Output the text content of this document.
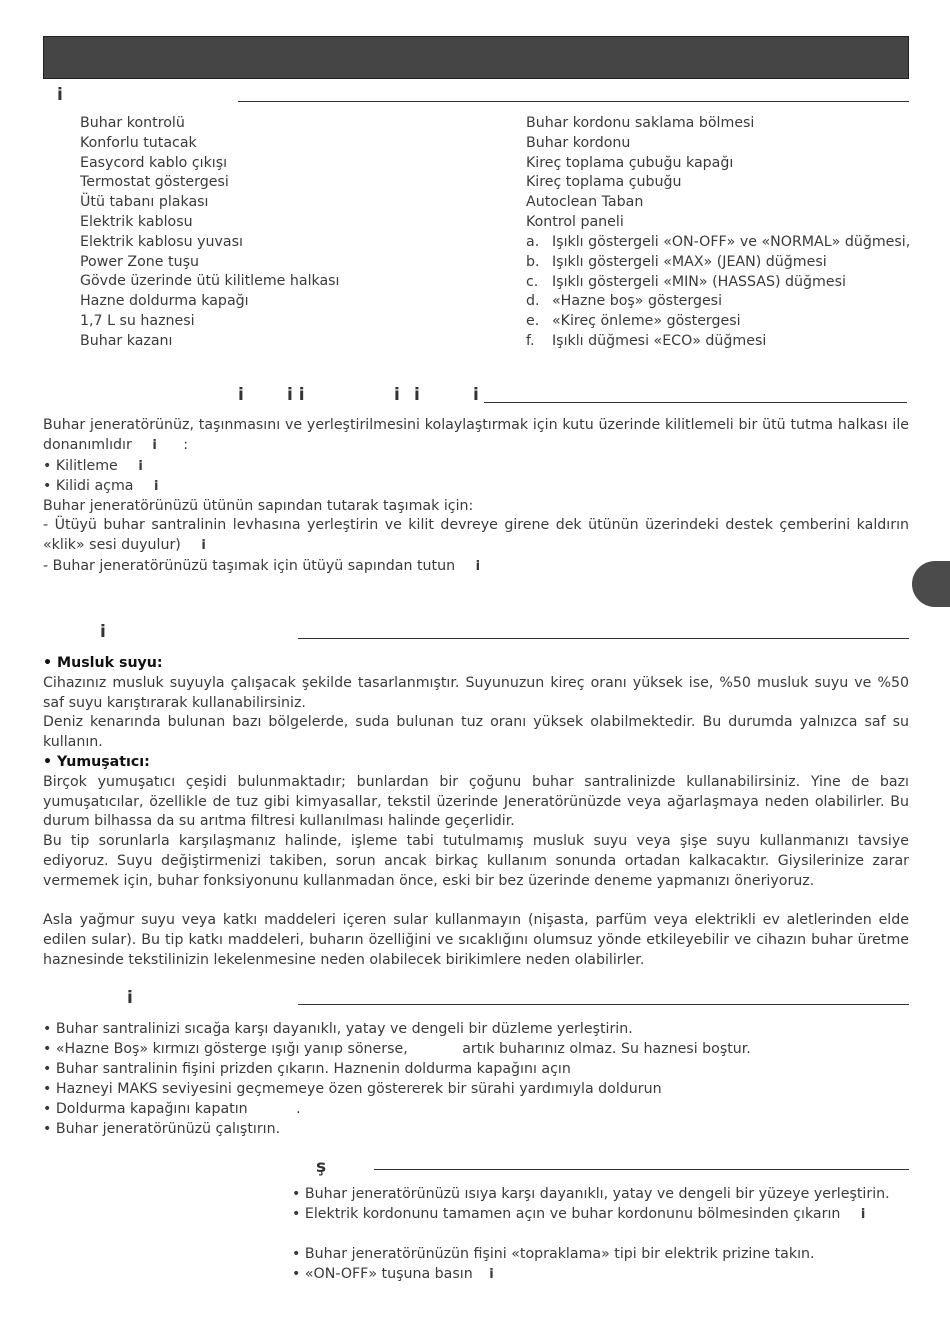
i
Buhar kontrolü
Konforlu tutacak
Easycord kablo çıkışı
Termostat göstergesi
Ütü tabanı plakası
Elektrik kablosu
Elektrik kablosu yuvası
Power Zone tuşu
Gövde üzerinde ütü kilitleme halkası
Hazne doldurma kapağı
1,7 L su haznesi
Buhar kazanı
Buhar kordonu saklama bölmesi
Buhar kordonu
Kireç toplama çubuğu kapağı
Kireç toplama çubuğu
Autoclean Taban
Kontrol paneli
a. Işıklı göstergeli «ON-OFF» ve «NORMAL» düğmesi,
b. Işıklı göstergeli «MAX» (JEAN) düğmesi
c. Işıklı göstergeli «MIN» (HASSAS) düğmesi
d. «Hazne boş» göstergesi
e. «Kireç önleme» göstergesi
f. Işıklı düğmesi «ECO» düğmesi
i	i i	i i	i
Buhar jeneratörünüz, taşınmasını ve yerleştirilmesini kolaylaştırmak için kutu üzerinde kilitlemeli bir ütü tutma halkası ile donanımlıdır i :
• Kilitleme i
• Kilidi açma i
Buhar jeneratörünüzü ütünün sapından tutarak taşımak için:
- Ütüyü buhar santralinin levhasına yerleştirin ve kilit devreye girene dek ütünün üzerindeki destek çemberini kaldırın «klik» sesi duyulur) i
- Buhar jeneratörünüzü taşımak için ütüyü sapından tutun i
i
• Musluk suyu:
Cihazınız musluk suyuyla çalışacak şekilde tasarlanmıştır. Suyunuzun kireç oranı yüksek ise, %50 musluk suyu ve %50 saf suyu karıştırarak kullanabilirsiniz.
Deniz kenarında bulunan bazı bölgelerde, suda bulunan tuz oranı yüksek olabilmektedir. Bu durumda yalnızca saf su kullanın.
• Yumuşatıcı:
Birçok yumuşatıcı çeşidi bulunmaktadır; bunlardan bir çoğunu buhar santralinizde kullanabilirsiniz. Yine de bazı yumuşatıcılar, özellikle de tuz gibi kimyasallar, tekstil üzerinde Jeneratörünüzde veya ağarlaşmaya neden olabilirler. Bu durum bilhassa da su arıtma filtresi kullanılması halinde geçerlidir.
Bu tip sorunlarla karşılaşmanız halinde, işleme tabi tutulmamış musluk suyu veya şişe suyu kullanmanızı tavsiye ediyoruz. Suyu değiştirmenizi takiben, sorun ancak birkaç kullanım sonunda ortadan kalkacaktır. Giysilerinize zarar vermemek için, buhar fonksiyonunu kullanmadan önce, eski bir bez üzerinde deneme yapmanızı öneriyoruz.
Asla yağmur suyu veya katkı maddeleri içeren sular kullanmayın (nişasta, parfüm veya elektrikli ev aletlerinden elde edilen sular). Bu tip katkı maddeleri, buharın özelliğini ve sıcaklığını olumsuz yönde etkileyebilir ve cihazın buhar üretme haznesinde tekstilinizin lekelenmesine neden olabilecek birikimlere neden olabilirler.
i
• Buhar santralinizi sıcağa karşı dayanıklı, yatay ve dengeli bir düzleme yerleştirin.
• «Hazne Boş» kırmızı gösterge ışığı yanıp sönerse,	artık buharınız olmaz. Su haznesi boştur.
• Buhar santralinin fişini prizden çıkarın. Haznenin doldurma kapağını açın
• Hazneyi MAKS seviyesini geçmemeye özen göstererek bir sürahi yardımıyla doldurun
• Doldurma kapağını kapatın	.
• Buhar jeneratörünüzü çalıştırın.
ş
• Buhar jeneratörünüzü ısıya karşı dayanıklı, yatay ve dengeli bir yüzeye yerleştirin.
• Elektrik kordonunu tamamen açın ve buhar kordonunu bölmesinden çıkarın i
• Buhar jeneratörünüzün fişini «topraklama» tipi bir elektrik prizine takın.
• «ON-OFF» tuşuna basın i
